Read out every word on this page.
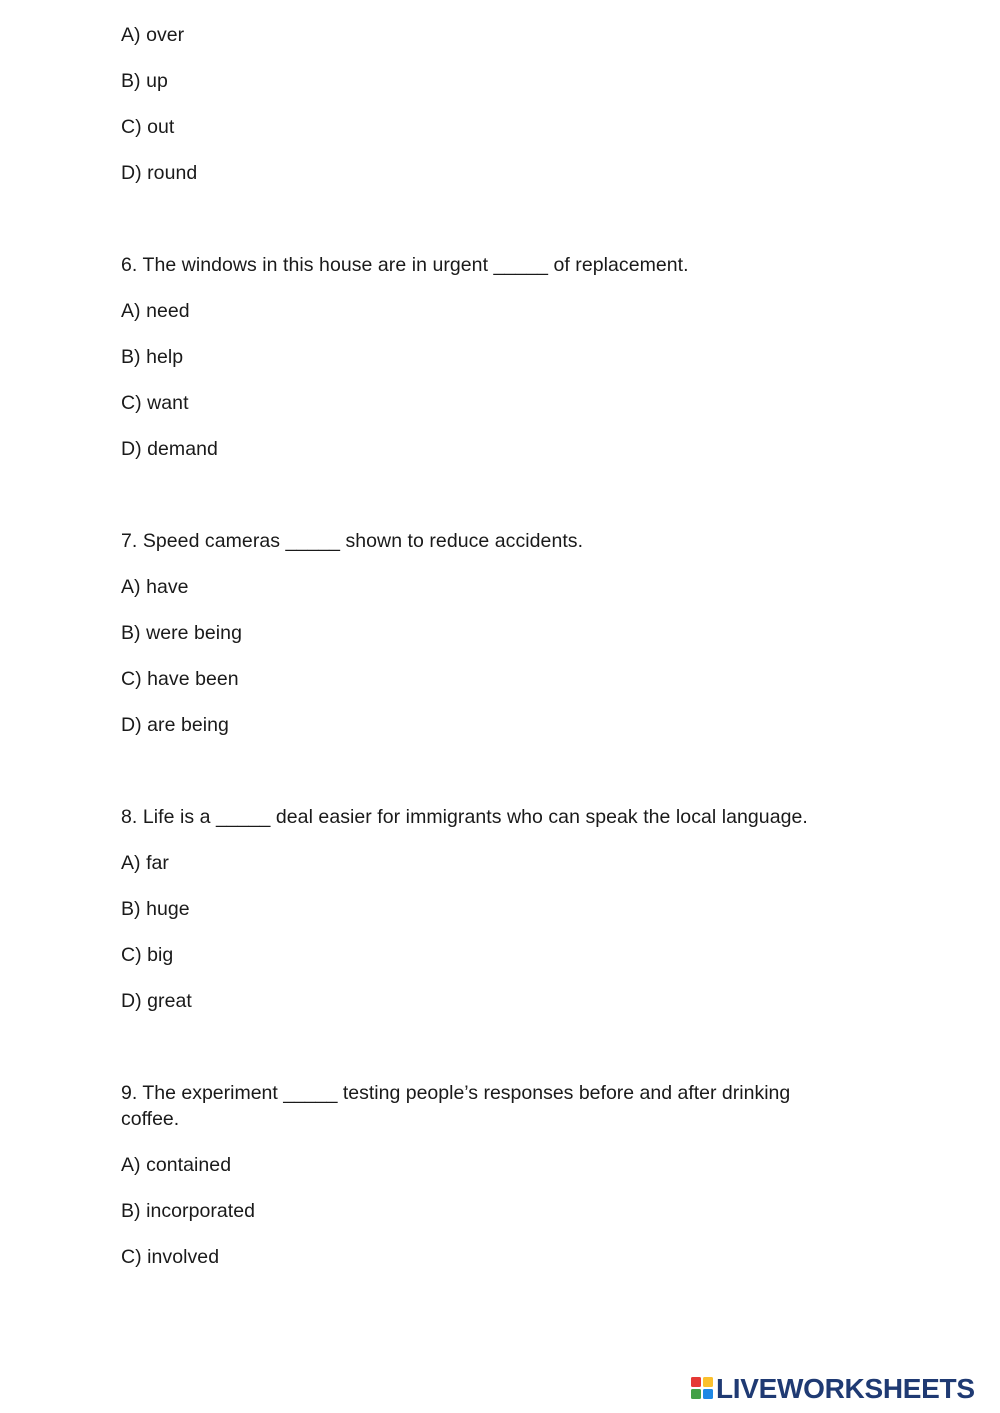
A) over
B) up
C) out
D) round
6. The windows in this house are in urgent _____ of replacement.
A) need
B) help
C) want
D) demand
7. Speed cameras _____ shown to reduce accidents.
A) have
B) were being
C) have been
D) are being
8. Life is a _____ deal easier for immigrants who can speak the local language.
A) far
B) huge
C) big
D) great
9. The experiment _____ testing people’s responses before and after drinking coffee.
A) contained
B) incorporated
C) involved
LIVEWORKSHEETS
